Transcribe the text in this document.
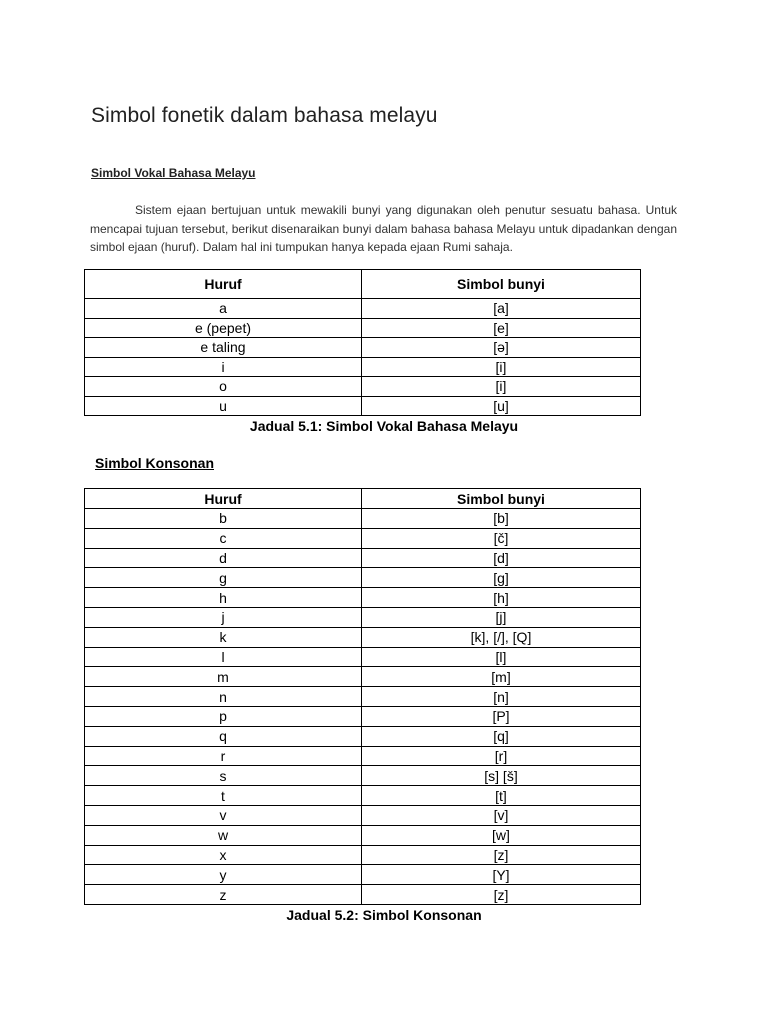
Simbol fonetik dalam bahasa melayu
Simbol Vokal Bahasa Melayu

Sistem ejaan bertujuan untuk mewakili bunyi yang digunakan oleh penutur sesuatu bahasa. Untuk mencapai tujuan tersebut, berikut disenaraikan bunyi dalam bahasa bahasa Melayu untuk dipadankan dengan simbol ejaan (huruf). Dalam hal ini tumpukan hanya kepada ejaan Rumi sahaja.

Huruf	Simbol bunyi
a	[a]
e (pepet)	[e]
e taling	[ə]
i	[i]
o	[i]
u	[u]
Jadual 5.1: Simbol Vokal Bahasa Melayu
Simbol Konsonan
Huruf	Simbol bunyi
b	[b]
c	[č]
d	[d]
g	[g]
h	[h]
j	[j]
k	[k], [/], [Q]
l	[l]
m	[m]
n	[n]
p	[P]
q	[q]
r	[r]
s	[s] [š]
t	[t]
v	[v]
w	[w]
x	[z]
y	[Y]
z	[z]
Jadual 5.2: Simbol Konsonan
